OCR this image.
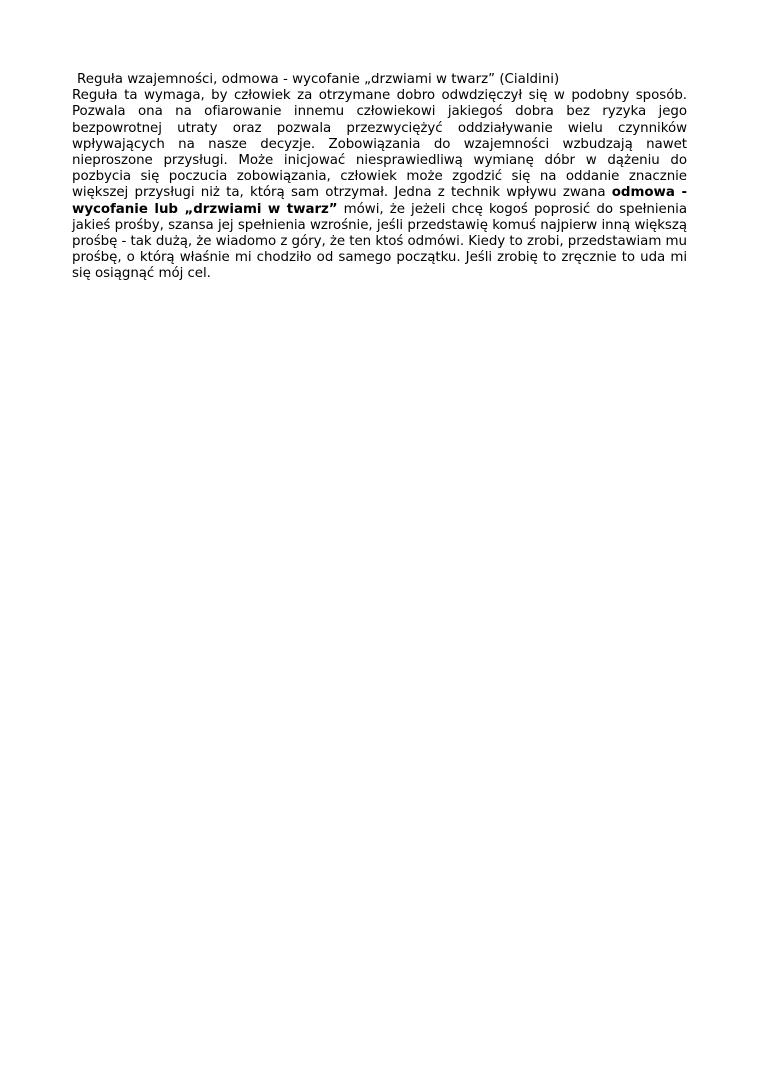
Reguła wzajemności, odmowa - wycofanie „drzwiami w twarz” (Cialdini)

Reguła ta wymaga, by człowiek za otrzymane dobro odwdzięczył się w podobny sposób. Pozwala ona na ofiarowanie innemu człowiekowi jakiegoś dobra bez ryzyka jego bezpowrotnej utraty oraz pozwala przezwyciężyć oddziaływanie wielu czynników wpływających na nasze decyzje. Zobowiązania do wzajemności wzbudzają nawet nieproszone przysługi. Może inicjować niesprawiedliwą wymianę dóbr w dążeniu do pozbycia się poczucia zobowiązania, człowiek może zgodzić się na oddanie znacznie większej przysługi niż ta, którą sam otrzymał. Jedna z technik wpływu zwana odmowa -wycofanie lub „drzwiami w twarz” mówi, że jeżeli chcę kogoś poprosić do spełnienia jakieś prośby, szansa jej spełnienia wzrośnie, jeśli przedstawię komuś najpierw inną większą prośbę - tak dużą, że wiadomo z góry, że ten ktoś odmówi. Kiedy to zrobi, przedstawiam mu prośbę, o którą właśnie mi chodziło od samego początku. Jeśli zrobię to zręcznie to uda mi się osiągnąć mój cel.
